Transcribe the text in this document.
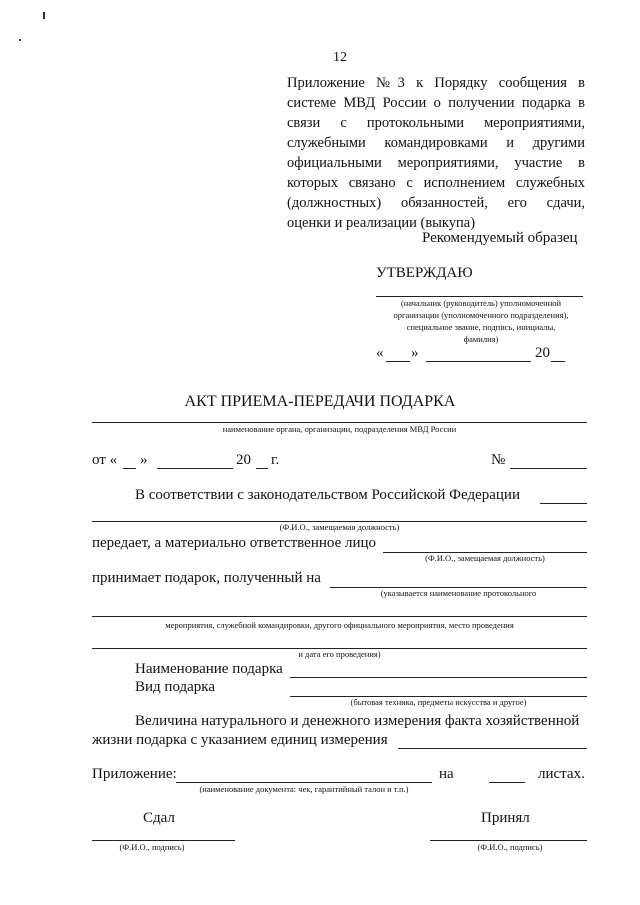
12
Приложение №3 к Порядку сообщения в
системе МВД России о получении подарка в
связи с протокольными мероприятиями,
служебными командировками и другими
официальными мероприятиями, участие в
которых связано с исполнением служебных
(должностных) обязанностей, его сдачи,
оценки и реализации (выкупа)
Рекомендуемый образец
УТВЕРЖДАЮ
(начальник (руководитель) уполномоченной
организации (уполномоченного подразделения),
специальное звание, подпись, инициалы,
фамилия)
« »	20
АКТ ПРИЕМА-ПЕРЕДАЧИ ПОДАРКА
наименование органа, организации, подразделения МВД России
от « »	20 г.	№
В соответствии с законодательством Российской Федерации
(Ф.И.О., замещаемая должность)
передает, а материально ответственное лицо
(Ф.И.О., замещаемая должность)
принимает подарок, полученный на
(указывается наименование протокольного
мероприятия, служебной командировки, другого официального мероприятия, место проведения
и дата его проведения)
Наименование подарка
Вид подарка
(бытовая техника, предметы искусства и другое)
Величина натурального и денежного измерения факта хозяйственной
жизни подарка с указанием единиц измерения
Приложение:	на	листах.
(наименование документа: чек, гарантийный талон и т.п.)
Сдал	Принял
(Ф.И.О., подпись)	(Ф.И.О., подпись)
